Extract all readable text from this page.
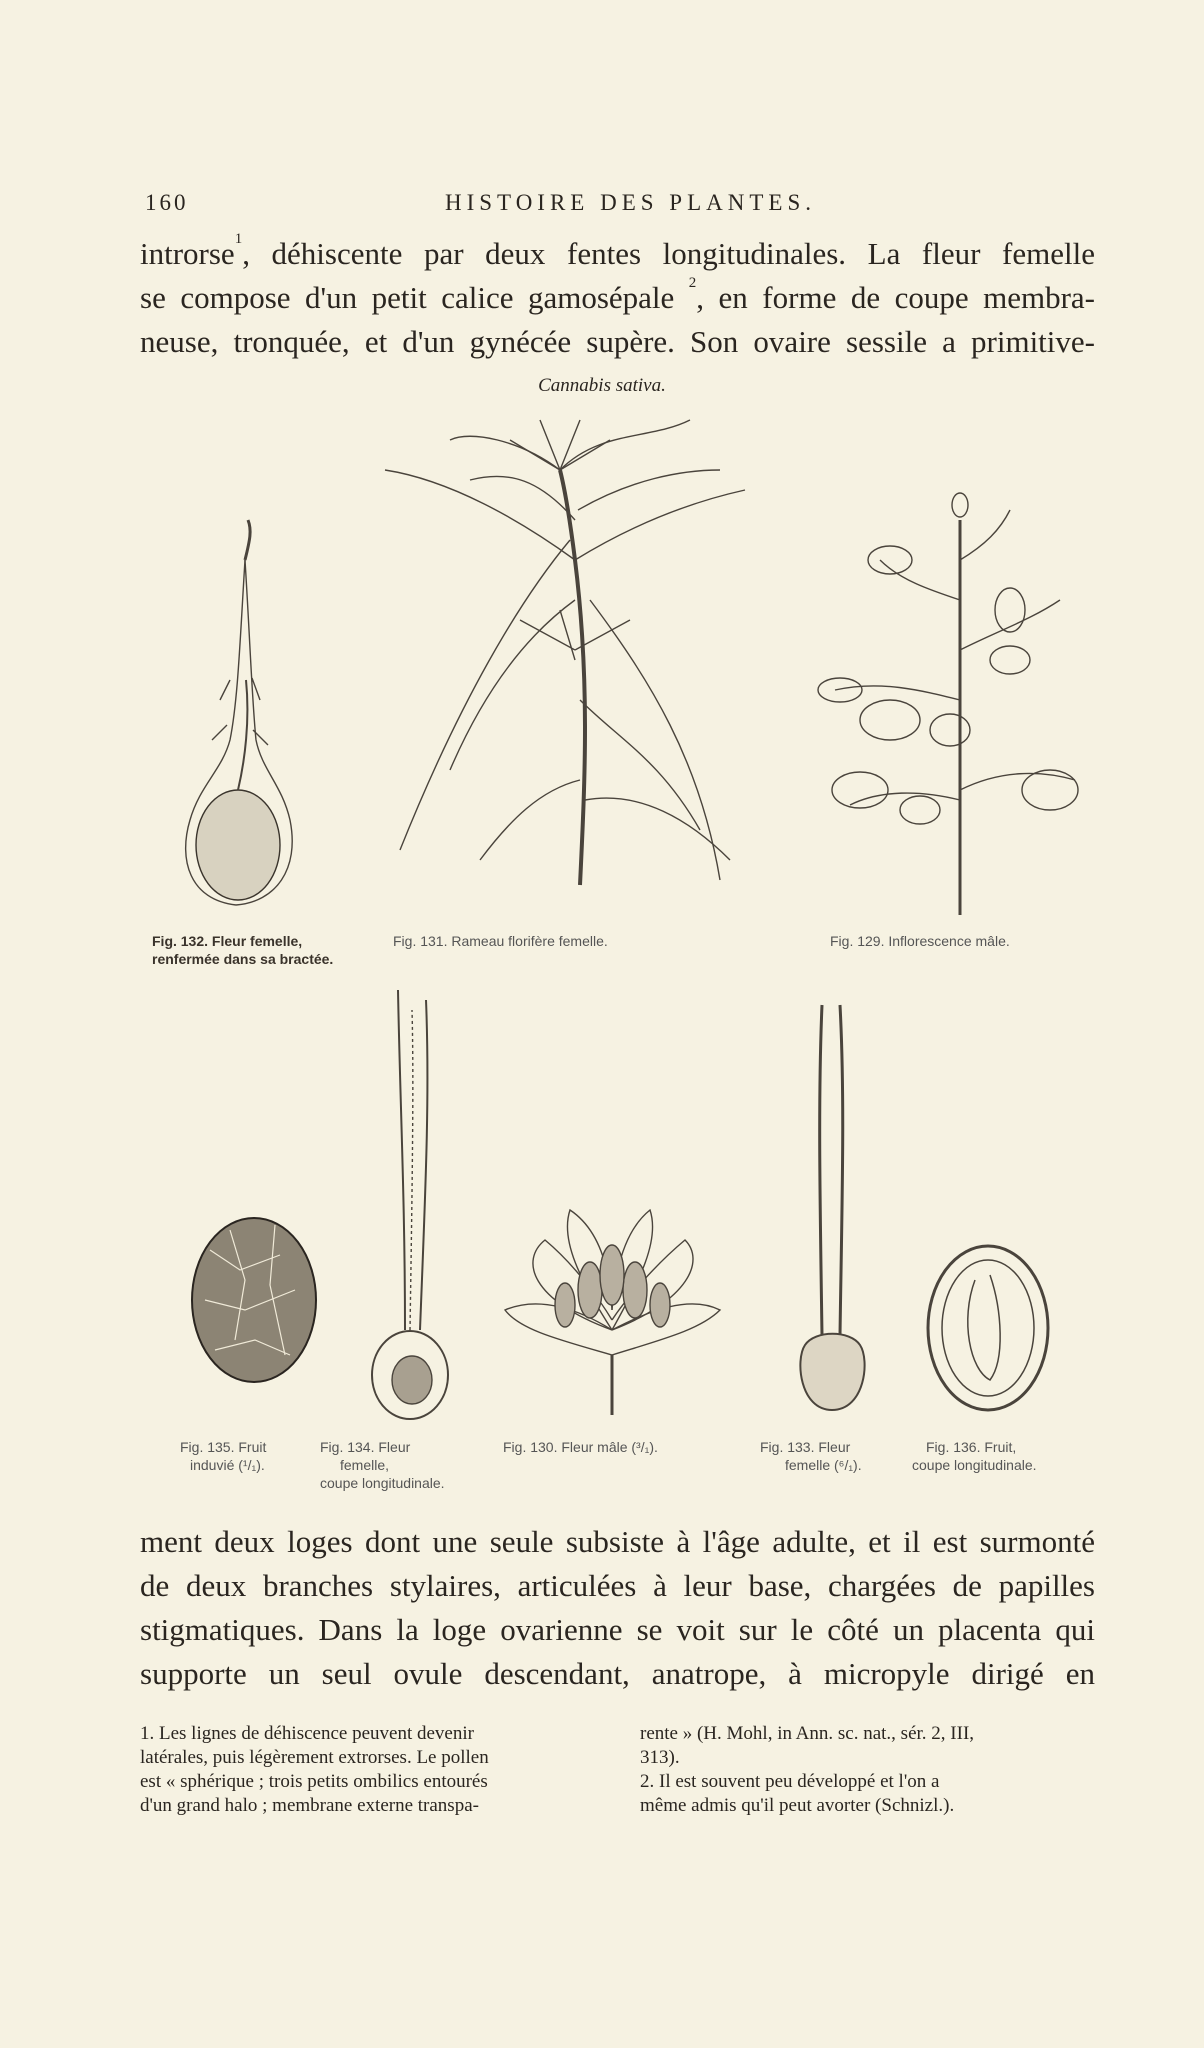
160	HISTOIRE DES PLANTES.
introrse$^1$, déhiscente par deux fentes longitudinales. La fleur femelle
se compose d'un petit calice gamosépale $^2$, en forme de coupe membra-
neuse, tronquée, et d'un gynécée supère. Son ovaire sessile a primitive-
Cannabis sativa.
Fig. 132. Fleur femelle,
renfermée dans sa bractée.
Fig. 131. Rameau florifère femelle.	Fig. 129. Inflorescence mâle.
Fig. 135. Fruit
induvié (¹/₁).
Fig. 134. Fleur
femelle,
coupe longitudinale.
Fig. 130. Fleur mâle (³/₁).	Fig. 133. Fleur
femelle (⁶/₁).
Fig. 136. Fruit,
coupe longitudinale.
ment deux loges dont une seule subsiste à l'âge adulte, et il est surmonté
de deux branches stylaires, articulées à leur base, chargées de papilles
stigmatiques. Dans la loge ovarienne se voit sur le côté un placenta qui
supporte un seul ovule descendant, anatrope, à micropyle dirigé en
1. Les lignes de déhiscence peuvent devenir
latérales, puis légèrement extrorses. Le pollen
est « sphérique ; trois petits ombilics entourés
d'un grand halo ; membrane externe transpa-
rente » (H. Mohl, in Ann. sc. nat., sér. 2, III,
313).
2. Il est souvent peu développé et l'on a
même admis qu'il peut avorter (Schnizl.).
